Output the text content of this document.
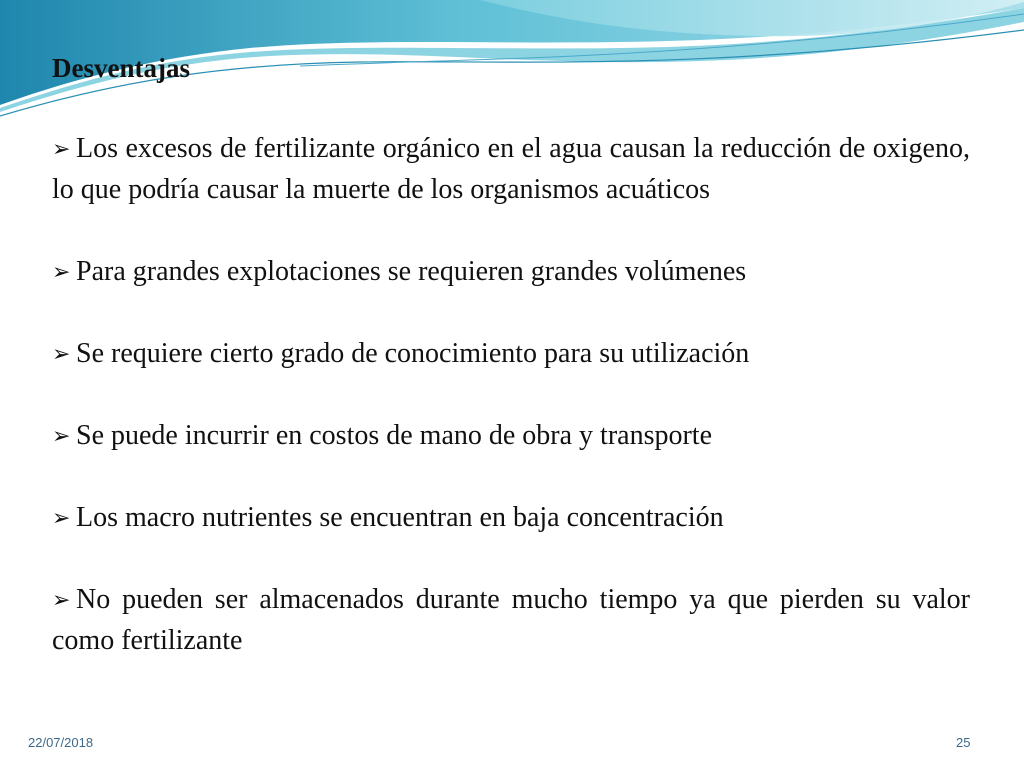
Desventajas

➢ Los excesos de fertilizante orgánico en el agua causan la reducción de oxigeno, lo que podría causar la muerte de los organismos acuáticos

➢ Para grandes explotaciones se requieren grandes volúmenes

➢ Se requiere cierto grado de conocimiento para su utilización

➢ Se puede incurrir en costos de mano de obra y transporte

➢ Los macro nutrientes se encuentran en baja concentración

➢ No pueden ser almacenados durante mucho tiempo ya que pierden su valor como fertilizante

22/07/2018	25
